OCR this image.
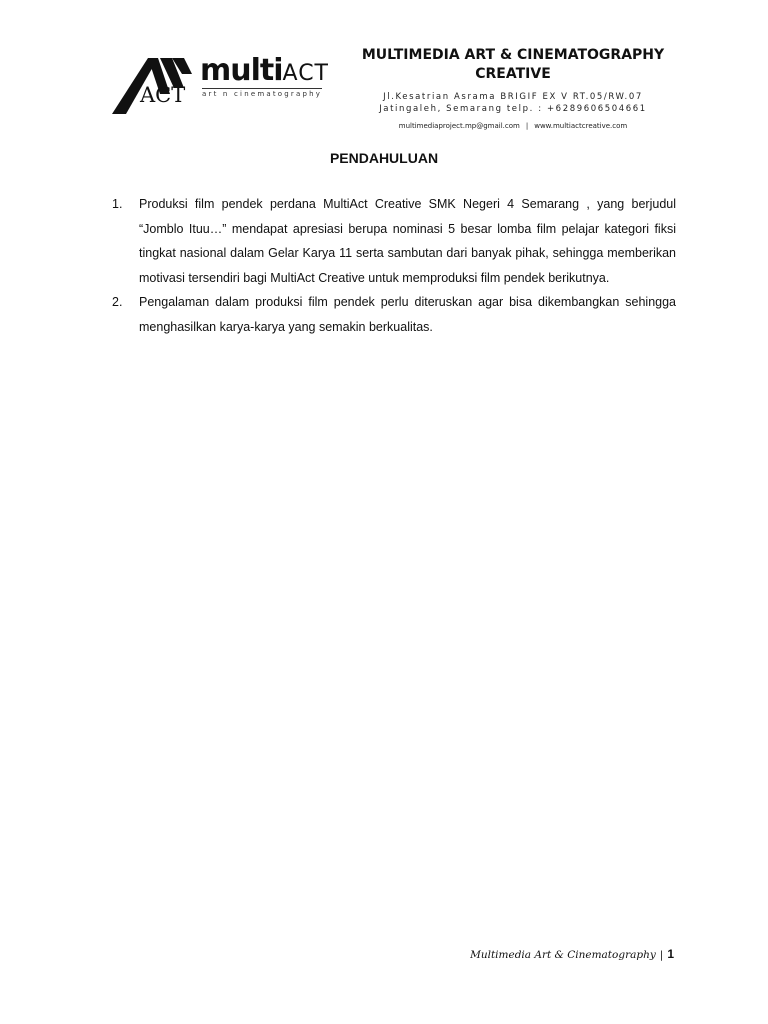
ACT
multiACT
art n cinematography
MULTIMEDIA ART & CINEMATOGRAPHY
CREATIVE
Jl.Kesatrian Asrama BRIGIF EX V RT.05/RW.07
Jatingaleh, Semarang telp. : +6289606504661
multimediaproject.mp@gmail.com | www.multiactcreative.com
PENDAHULUAN
1. Produksi film pendek perdana MultiAct Creative SMK Negeri 4 Semarang , yang berjudul “Jomblo Ituu…” mendapat apresiasi berupa nominasi 5 besar lomba film pelajar kategori fiksi tingkat nasional dalam Gelar Karya 11 serta sambutan dari banyak pihak, sehingga memberikan motivasi tersendiri bagi MultiAct Creative untuk memproduksi film pendek berikutnya.
2. Pengalaman dalam produksi film pendek perlu diteruskan agar bisa dikembangkan sehingga menghasilkan karya-karya yang semakin berkualitas.
Multimedia Art & Cinematography | 1
